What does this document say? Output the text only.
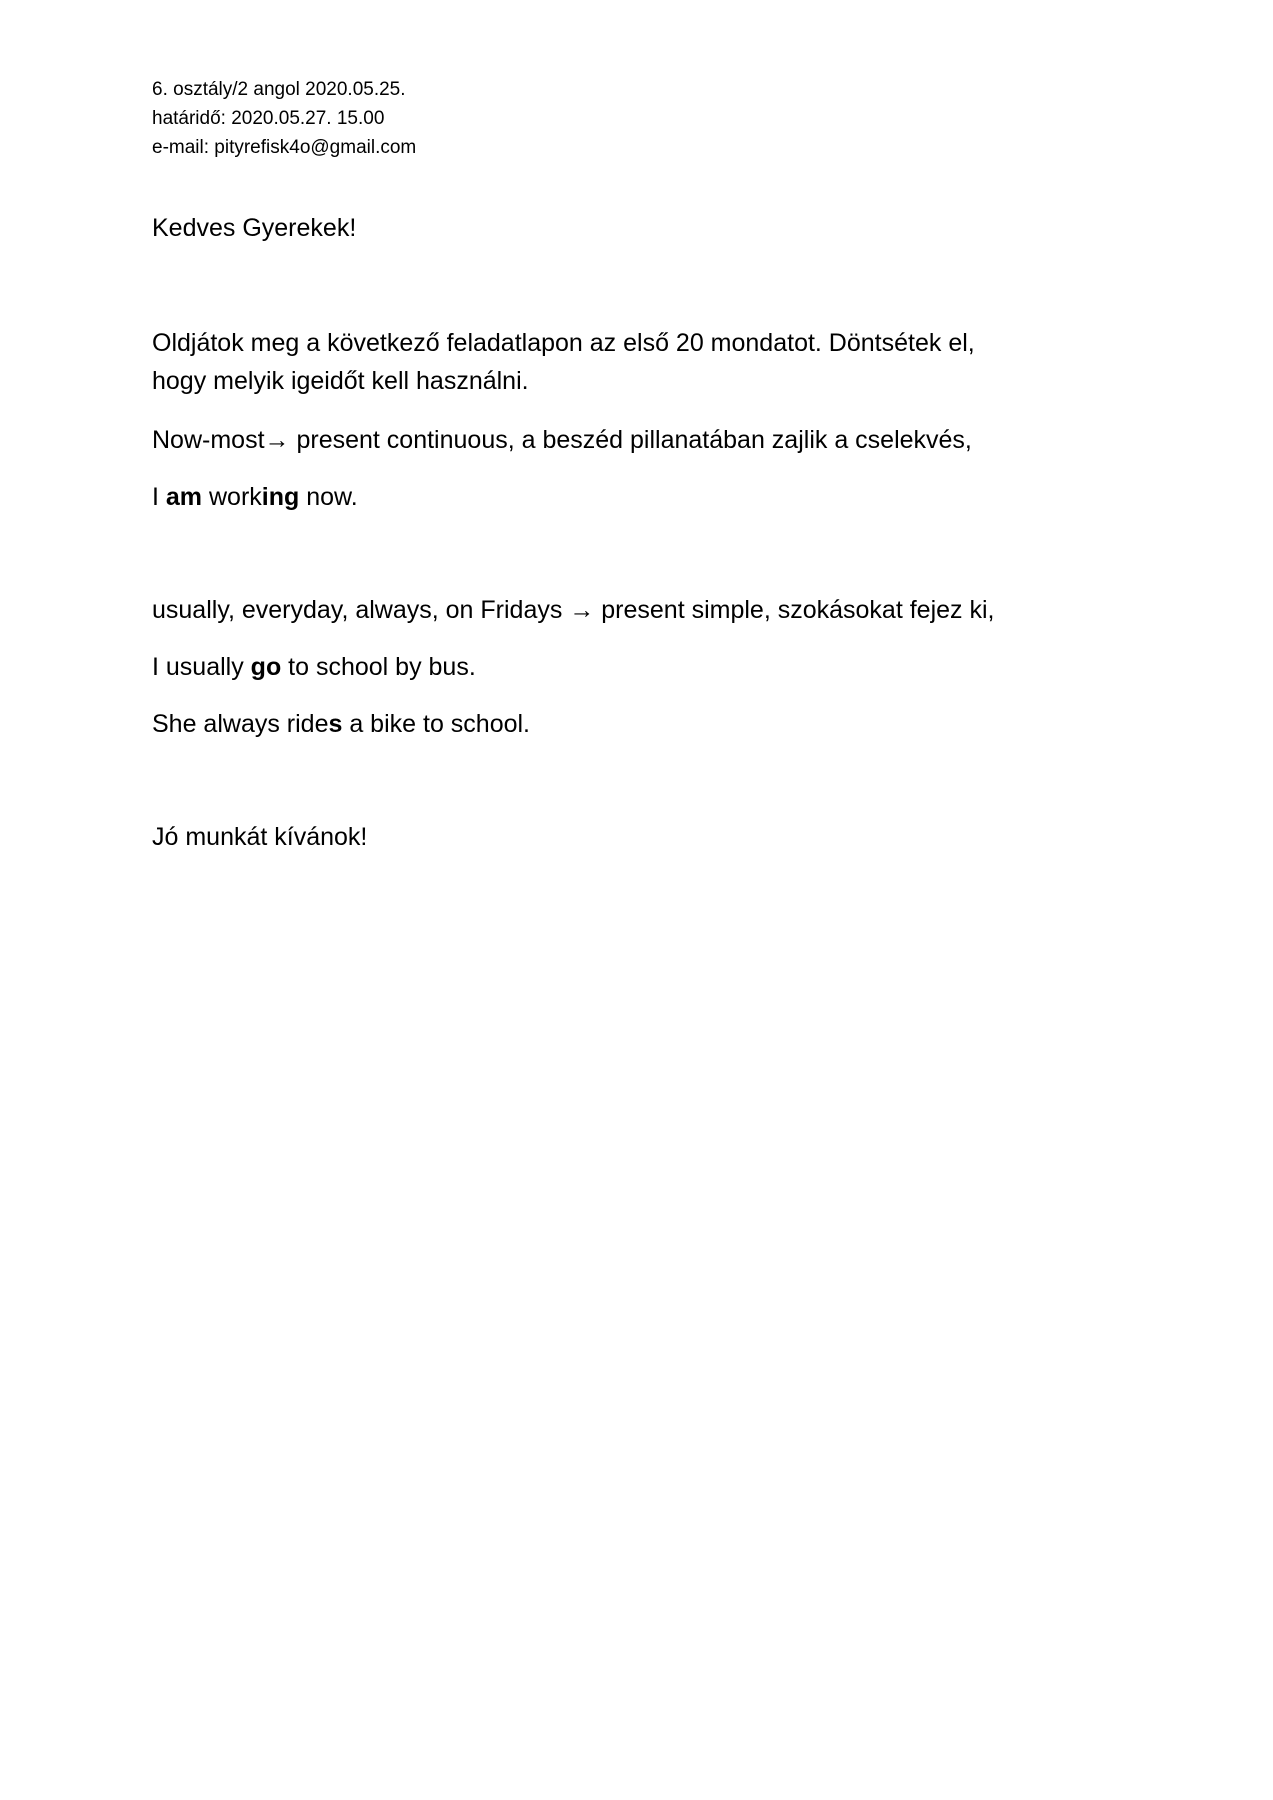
6. osztály/2 angol 2020.05.25.
határidő: 2020.05.27. 15.00
e-mail: pityrefisk4o@gmail.com
Kedves Gyerekek!
Oldjátok meg a következő feladatlapon az első 20 mondatot. Döntsétek el,
hogy melyik igeidőt kell használni.
Now-most→ present continuous, a beszéd pillanatában zajlik a cselekvés,
I am working now.
usually, everyday, always, on Fridays → present simple, szokásokat fejez ki,
I usually go to school by bus.
She always rides a bike to school.
Jó munkát kívánok!
